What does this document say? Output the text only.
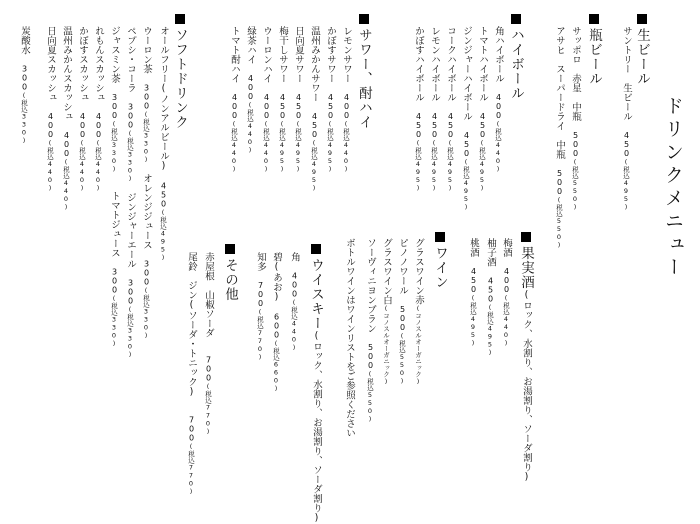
ドリンクメニュー
生ビール
サントリー　生ビール450(税込495)
瓶ビール
サッポロ　赤星　中瓶500(税込550)
アサヒ　スーパードライ　中瓶500(税込550)
ハイボール
角ハイボール400(税込440)
トマトハイボール450(税込495)
ジンジャーハイボール450(税込495)
コークハイボール450(税込495)
レモンハイボール450(税込495)
かぼすハイボール450(税込495)
サワー、酎ハイ
レモンサワー400(税込440)
かぼすサワー450(税込495)
温州みかんサワー450(税込495)
日向夏サワー450(税込495)
梅干しサワー450(税込495)
ウーロンハイ400(税込440)
緑茶ハイ400(税込440)
トマト酎ハイ400(税込440)
ソフトドリンク
オールフリー(ノンアルビール)450(税込495)
ウーロン茶300(税込330)オレンジジュース300(税込330)
ペプシ・コーラ300(税込330)ジンジャーエール300(税込330)
ジャスミン茶300(税込330)トマトジュース300(税込330)
れもんスカッシュ400(税込440)
かぼすスカッシュ400(税込440)
温州みかんスカッシュ400(税込440)
日向夏スカッシュ400(税込440)
炭酸水300(税込330)
果実酒(ロック、水割り、お湯割り、ソーダ割り)
梅酒400(税込440)
柚子酒450(税込495)
桃酒450(税込495)
ワイン
グラスワイン赤(コノスルオーガニック)
ピノノワール500(税込550)
グラスワイン白(コノスルオーガニック)
ソーヴィニヨンブラン500(税込550)
ボトルワインはワインリストをご参照ください
ウイスキー(ロック、水割り、お湯割り、ソーダ割り)
角400(税込440)
碧(あお)600(税込660)
知多700(税込770)
その他
赤屋根　山椒ソーダ700(税込770)
尾鈴　ジン(ソーダ・トニック)700(税込770)
